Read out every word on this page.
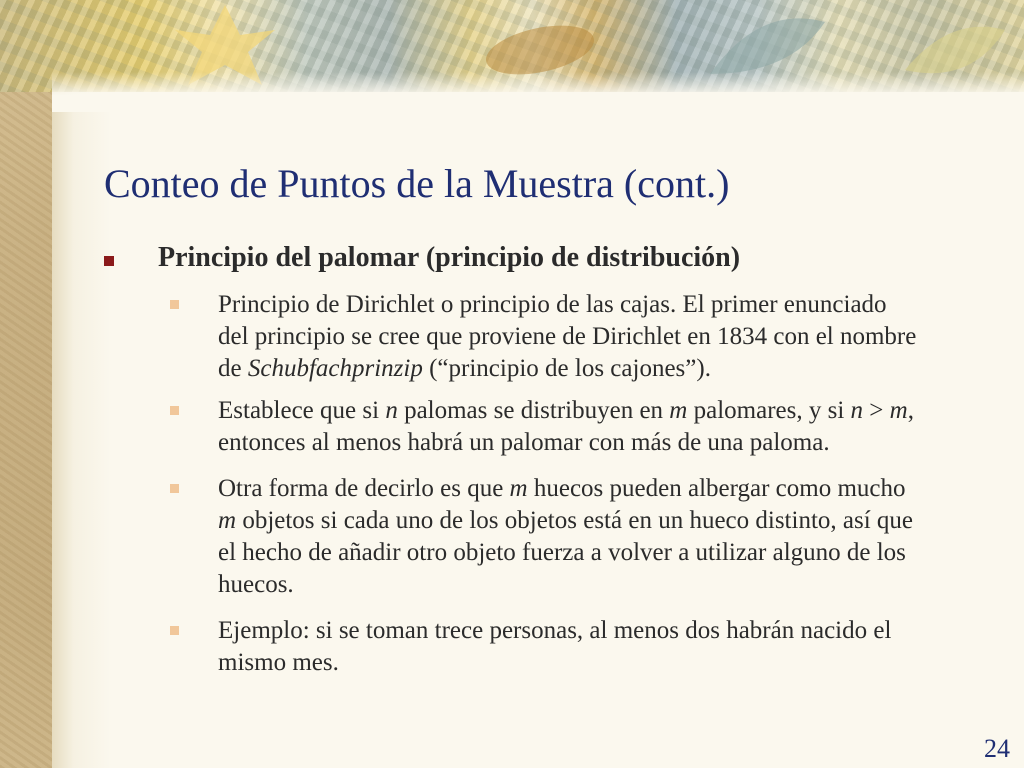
Conteo de Puntos de la Muestra (cont.)
Principio del palomar (principio de distribución)
Principio de Dirichlet o principio de las cajas. El primer enunciado
del principio se cree que proviene de Dirichlet en 1834 con el nombre
de Schubfachprinzip (“principio de los cajones”).
Establece que si n palomas se distribuyen en m palomares, y si n > m,
entonces al menos habrá un palomar con más de una paloma.
Otra forma de decirlo es que m huecos pueden albergar como mucho
m objetos si cada uno de los objetos está en un hueco distinto, así que
el hecho de añadir otro objeto fuerza a volver a utilizar alguno de los
huecos.
Ejemplo: si se toman trece personas, al menos dos habrán nacido el
mismo mes.
24
